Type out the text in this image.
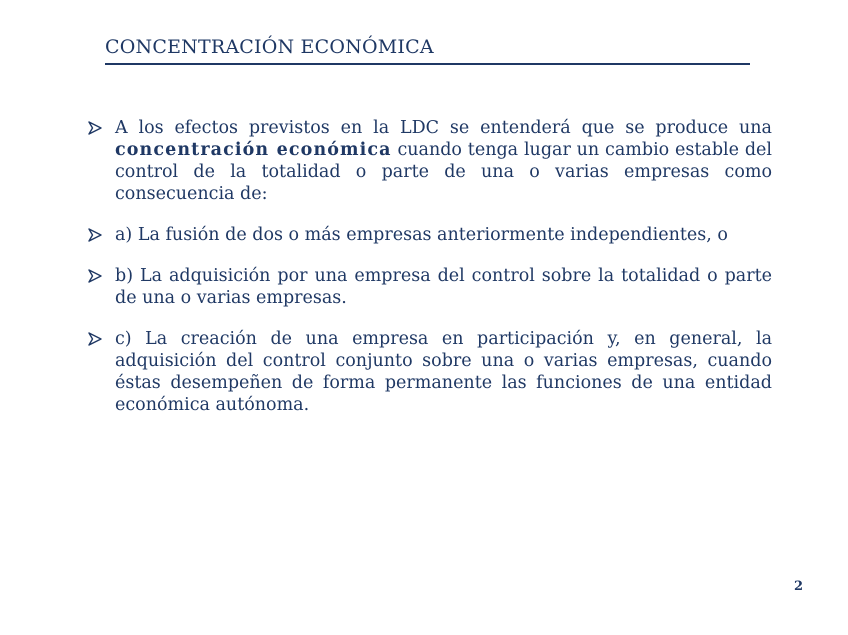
CONCENTRACIÓN ECONÓMICA
A los efectos previstos en la LDC se entenderá que se produce una concentración económica cuando tenga lugar un cambio estable del control de la totalidad o parte de una o varias empresas como consecuencia de:
a) La fusión de dos o más empresas anteriormente independientes, o
b) La adquisición por una empresa del control sobre la totalidad o parte de una o varias empresas.
c) La creación de una empresa en participación y, en general, la adquisición del control conjunto sobre una o varias empresas, cuando éstas desempeñen de forma permanente las funciones de una entidad económica autónoma.
2
